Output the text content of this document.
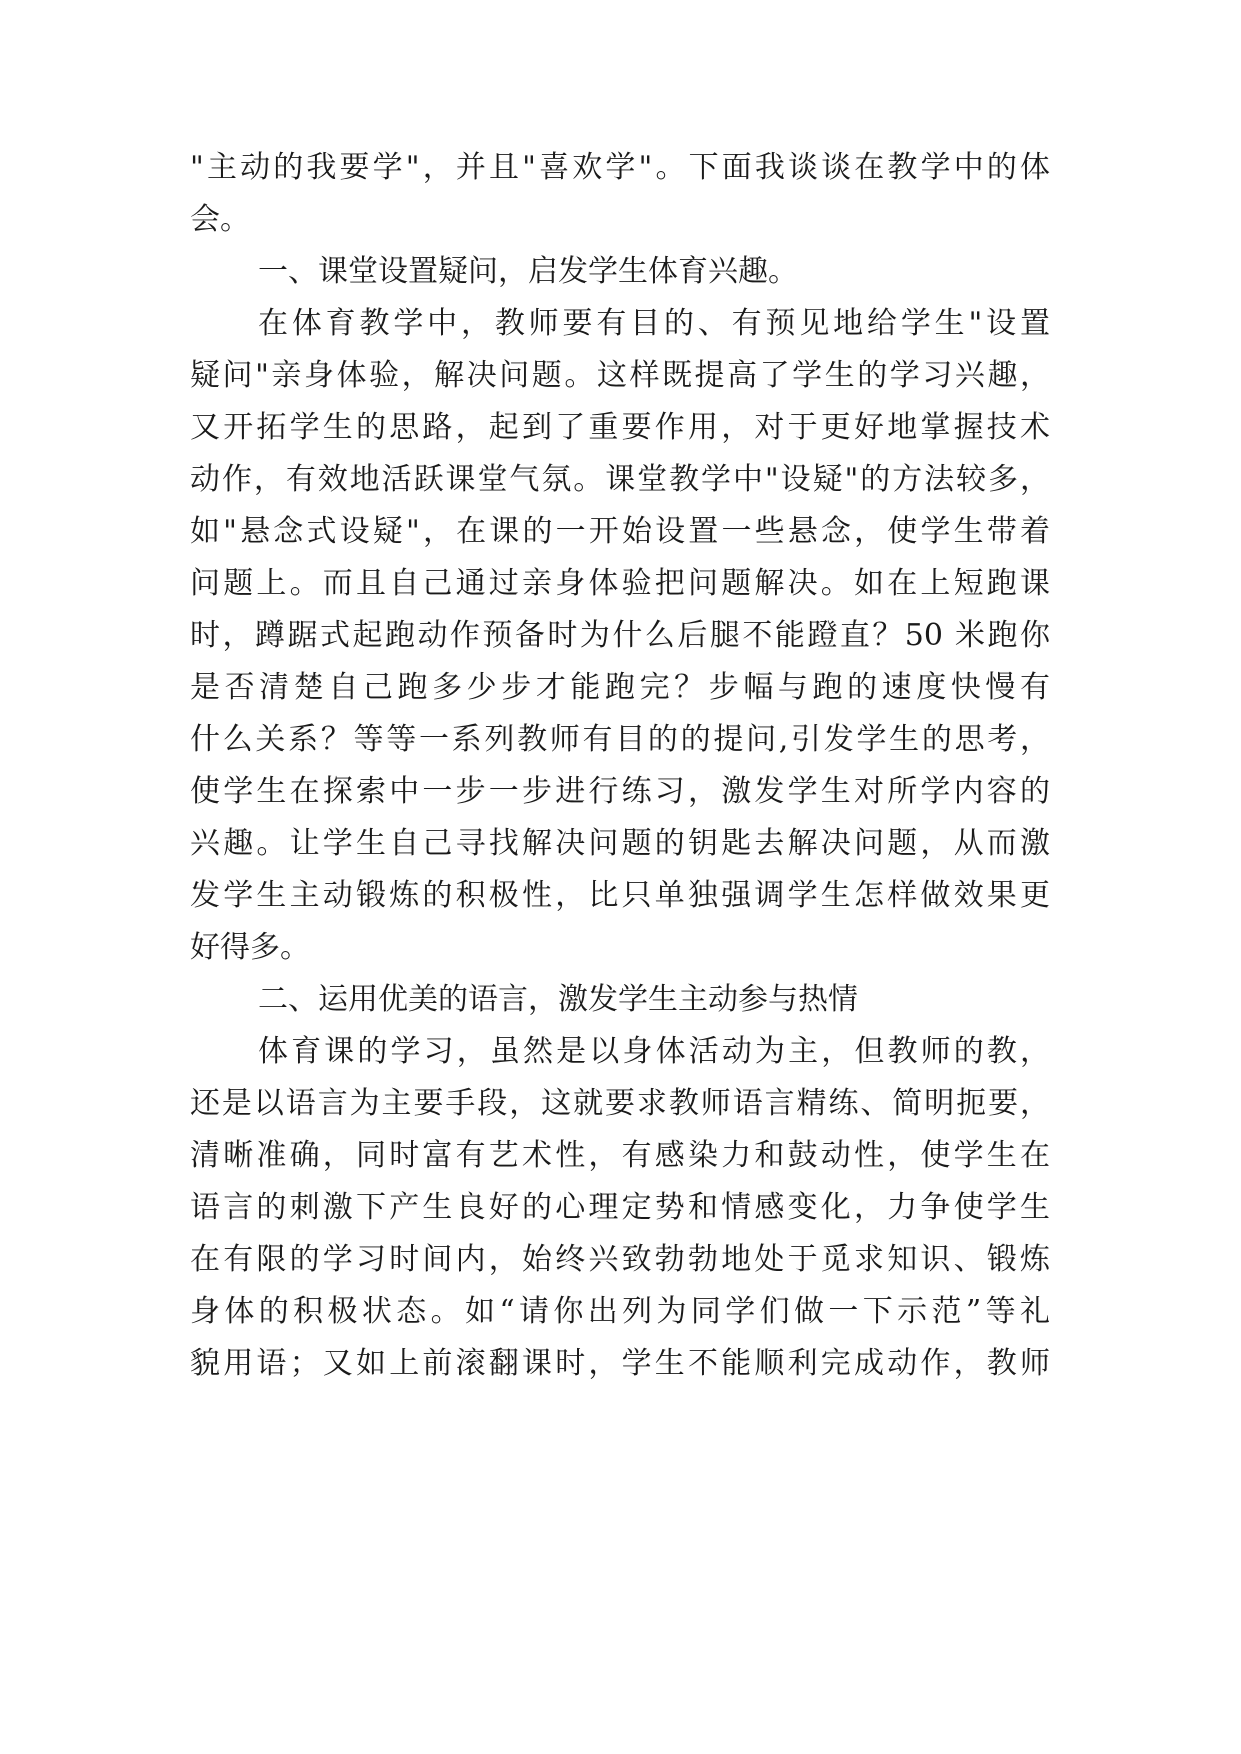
"主动的我要学"，并且"喜欢学"。下面我谈谈在教学中的体
会。
一、课堂设置疑问，启发学生体育兴趣。
在体育教学中，教师要有目的、有预见地给学生"设置
疑问"亲身体验，解决问题。这样既提高了学生的学习兴趣，
又开拓学生的思路，起到了重要作用，对于更好地掌握技术
动作，有效地活跃课堂气氛。课堂教学中"设疑"的方法较多，
如"悬念式设疑"，在课的一开始设置一些悬念，使学生带着
问题上。而且自己通过亲身体验把问题解决。如在上短跑课
时，蹲踞式起跑动作预备时为什么后腿不能蹬直？50 米跑你
是否清楚自己跑多少步才能跑完？步幅与跑的速度快慢有
什么关系？等等一系列教师有目的的提问,引发学生的思考，
使学生在探索中一步一步进行练习，激发学生对所学内容的
兴趣。让学生自己寻找解决问题的钥匙去解决问题，从而激
发学生主动锻炼的积极性，比只单独强调学生怎样做效果更
好得多。
二、运用优美的语言，激发学生主动参与热情
体育课的学习，虽然是以身体活动为主，但教师的教，
还是以语言为主要手段，这就要求教师语言精练、简明扼要，
清晰准确，同时富有艺术性，有感染力和鼓动性，使学生在
语言的刺激下产生良好的心理定势和情感变化，力争使学生
在有限的学习时间内，始终兴致勃勃地处于觅求知识、锻炼
身体的积极状态。如“请你出列为同学们做一下示范”等礼
貌用语；又如上前滚翻课时，学生不能顺利完成动作，教师
